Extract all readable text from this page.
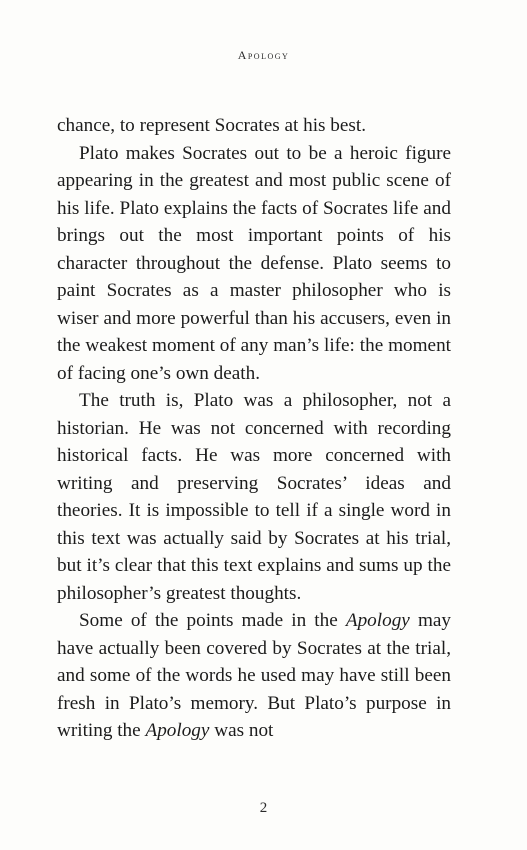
Apology

chance, to represent Socrates at his best.

Plato makes Socrates out to be a heroic figure appearing in the greatest and most public scene of his life. Plato explains the facts of Socrates life and brings out the most important points of his character throughout the defense. Plato seems to paint Socrates as a master philosopher who is wiser and more powerful than his accusers, even in the weakest moment of any man’s life: the moment of facing one’s own death.

The truth is, Plato was a philosopher, not a historian. He was not concerned with recording historical facts. He was more concerned with writing and preserving Socrates’ ideas and theories. It is impossible to tell if a single word in this text was actually said by Socrates at his trial, but it’s clear that this text explains and sums up the philosopher’s greatest thoughts.

Some of the points made in the Apology may have actually been covered by Socrates at the trial, and some of the words he used may have still been fresh in Plato’s memory. But Plato’s purpose in writing the Apology was not

2
